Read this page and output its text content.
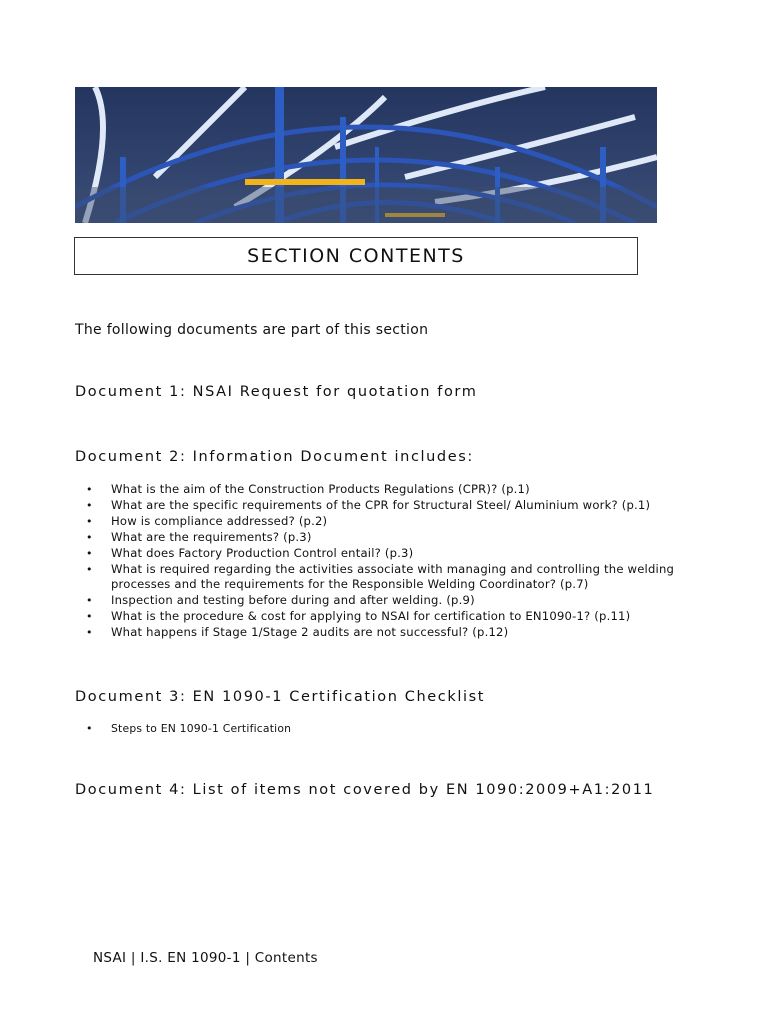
SECTION CONTENTS
The following documents are part of this section
Document 1: NSAI Request for quotation form
Document 2: Information Document includes:
• What is the aim of the Construction Products Regulations (CPR)? (p.1)
• What are the specific requirements of the CPR for Structural Steel/ Aluminium work? (p.1)
• How is compliance addressed? (p.2)
• What are the requirements? (p.3)
• What does Factory Production Control entail? (p.3)
• What is required regarding the activities associate with managing and controlling the welding processes and the requirements for the Responsible Welding Coordinator? (p.7)
• Inspection and testing before during and after welding. (p.9)
• What is the procedure & cost for applying to NSAI for certification to EN1090-1? (p.11)
• What happens if Stage 1/Stage 2 audits are not successful? (p.12)
Document 3: EN 1090-1 Certification Checklist
• Steps to EN 1090-1 Certification
Document 4: List of items not covered by EN 1090:2009+A1:2011
NSAI | I.S. EN 1090-1 | Contents
